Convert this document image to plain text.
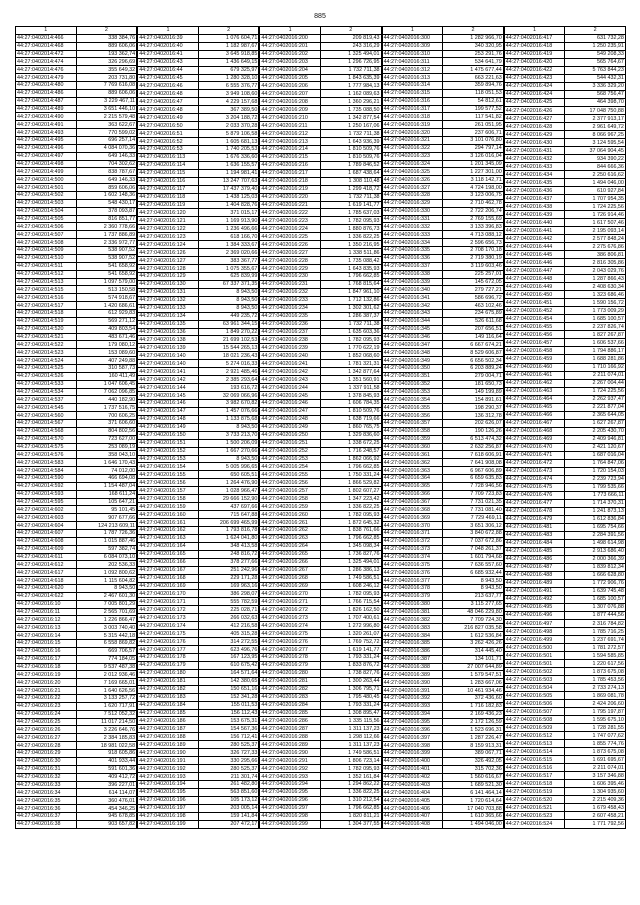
885
1	2
44:27:0402014:466	338 384,76
44:27:0402014:468	889 606,06
44:27:0402014:472	193 362,74
44:27:0402014:474	326 296,69
44:27:0402014:476	355 649,32
44:27:0402014:479	203 731,80
44:27:0402014:480	7 769 616,08
44:27:0402014:486	889 606,06
44:27:0402014:487	3 229 467,11
44:27:0402014:489	3 651 446,10
44:27:0402014:490	2 215 579,48
44:27:0402014:491	363 622,67
44:27:0402014:493	770 599,02
44:27:0402014:495	696 257,14
44:27:0402014:496	4 084 070,36
44:27:0402014:497	649 146,33
44:27:0402014:498	704 302,62
44:27:0402014:499	838 787,67
44:27:0402014:500	649 146,33
44:27:0402014:501	859 606,06
44:27:0402014:502	1 602 148,36
44:27:0402014:503	548 430,17
44:27:0402014:504	378 093,87
44:27:0402014:505	816 851,77
44:27:0402014:506	2 360 778,66
44:27:0402014:507	1 737 886,89
44:27:0402014:508	2 336 972,77
44:27:0402014:509	538 907,52
44:27:0402014:510	538 907,52
44:27:0402014:511	541 658,92
44:27:0402014:512	541 658,92
44:27:0402014:513	1 097 579,00
44:27:0402014:515	513 150,58
44:27:0402014:516	574 918,67
44:27:0402014:517	1 420 686,61
44:27:0402014:518	612 929,83
44:27:0402014:519	569 271,12
44:27:0402014:520	409 803,54
44:27:0402014:521	483 671,46
44:27:0402014:522	179 080,12
44:27:0402014:523	153 089,60
44:27:0402014:524	407 249,88
44:27:0402014:525	310 587,73
44:27:0402014:526	160 411,49
44:27:0402014:533	1 047 606,45
44:27:0402014:534	7 062 096,85
44:27:0402014:537	440 182,90
44:27:0402014:545	1 737 516,75
44:27:0402014:560	700 606,25
44:27:0402014:567	371 606,60
44:27:0402014:568	804 802,56
44:27:0402014:570	723 627,00
44:27:0402014:575	253 089,19
44:27:0402014:576	358 043,10
44:27:0402014:583	1 646 170,43
44:27:0402014:584	74 012,00
44:27:0402014:590	466 694,08
44:27:0402014:592	1 154 487,04
44:27:0402014:593	168 611,24
44:27:0402014:595	105 647,21
44:27:0402014:602	95 101,45
44:27:0402014:603	907 677,66
44:27:0402014:604	124 213 609,11
44:27:0402014:607	1 787 726,36
44:27:0402014:608	1 015 887,46
44:27:0402014:609	597 382,74
44:27:0402014:611	6 084 073,10
44:27:0402014:612	202 536,33
44:27:0402014:617	1 092 800,62
44:27:0402014:618	1 115 604,82
44:27:0402014:620	8 943,50
44:27:0402014:622	2 467 601,30
44:27:0402016:10	7 005 801,29
44:27:0402016:11	2 565 701,69
44:27:0402016:12	1 226 866,47
44:27:0402016:13	3 003 740,40
44:27:0402016:14	5 315 442,18
44:27:0402016:15	6 558 869,82
44:27:0402016:16	669 706,57
44:27:0402016:17	774 184,05
44:27:0402016:18	9 537 487,38
44:27:0402016:19	2 012 936,46
44:27:0402016:20	7 169 665,01
44:27:0402016:21	1 640 626,56
44:27:0402016:22	3 133 257,72
44:27:0402016:23	1 620 717,91
44:27:0402016:24	7 512 052,32
44:27:0402016:25	11 017 214,50
44:27:0402016:26	3 226 646,76
44:27:0402016:27	2 384 185,83
44:27:0402016:28	18 981 022,58
44:27:0402016:29	918 605,86
44:27:0402016:30	401 933,44
44:27:0402016:31	591 601,36
44:27:0402016:32	409 412,72
44:27:0402016:33	396 227,01
44:27:0402016:34	614 114,07
44:27:0402016:35	360 476,01
44:27:0402016:36	454 346,25
44:27:0402016:37	945 678,85
44:27:0402016:38	903 657,82
1	2
44:27:0402016:39	1 076 604,71
44:27:0402016:40	1 182 987,67
44:27:0402016:41	3 645 918,85
44:27:0402016:43	1 436 649,15
44:27:0402016:44	679 325,97
44:27:0402016:45	1 280 328,10
44:27:0402016:46	6 555 376,77
44:27:0402016:48	3 949 108,60
44:27:0402016:47	4 229 157,68
44:27:0402016:48	367 389,50
44:27:0402016:49	3 204 188,72
44:27:0402016:50	2 033 370,28
44:27:0402016:51	5 879 106,58
44:27:0402016:52	1 605 681,13
44:27:0402016:53	1 740 205,53
44:27:0402016:113	1 676 336,60
44:27:0402016:114	1 636 155,57
44:27:0402016:115	1 194 981,41
44:27:0402016:116	13 247 707,63
44:27:0402016:117	17 437 379,40
44:27:0402016:118	1 438 125,03
44:27:0402016:119	1 404 828,76
44:27:0402016:120	371 015,17
44:27:0402016:121	1 169 913,90
44:27:0402016:122	1 236 496,66
44:27:0402016:123	618 166,70
44:27:0402016:124	1 384 333,67
44:27:0402016:126	2 369 020,66
44:27:0402016:127	383 367,77
44:27:0402016:128	1 075 355,67
44:27:0402016:129	625 839,99
44:27:0402016:130	67 337 371,35
44:27:0402016:131	8 943,50
44:27:0402016:132	8 943,50
44:27:0402016:133	8 943,50
44:27:0402016:134	449 235,72
44:27:0402016:135	63 961 344,15
44:27:0402016:136	1 849 270,22
44:27:0402016:138	21 699 102,53
44:27:0402016:139	15 544 265,13
44:27:0402016:140	18 021 236,43
44:27:0402016:140	5 274 016,33
44:27:0402016:141	2 921 485,46
44:27:0402016:142	2 385 293,64
44:27:0402016:144	193 616,72
44:27:0402016:145	32 069 066,96
44:27:0402016:146	3 982 670,82
44:27:0402016:147	1 457 076,66
44:27:0402016:148	1 133 875,68
44:27:0402016:149	8 943,50
44:27:0402016:150	3 733 213,70
44:27:0402016:151	1 500 206,09
44:27:0402016:152	1 667 270,66
44:27:0402016:153	8 943,50
44:27:0402016:154	5 005 996,65
44:27:0402016:155	650 605,51
44:27:0402016:156	1 264 476,90
44:27:0402016:157	1 028 966,47
44:27:0402016:158	29 666 152,90
44:27:0402016:159	437 697,66
44:27:0402016:160	715 647,88
44:27:0402016:161	206 699 465,99
44:27:0402016:162	1 793 816,78
44:27:0402016:163	1 624 041,80
44:27:0402016:164	348 413,58
44:27:0402016:165	248 816,72
44:27:0402016:166	378 277,66
44:27:0402016:167	251 242,96
44:27:0402016:168	229 171,28
44:27:0402016:169	169 963,16
44:27:0402016:170	386 298,07
44:27:0402016:171	555 782,59
44:27:0402016:172	225 028,71
44:27:0402016:173	266 032,63
44:27:0402016:174	412 216,58
44:27:0402016:175	405 315,28
44:27:0402016:176	314 272,55
44:27:0402016:177	623 496,76
44:27:0402016:178	167 123,95
44:27:0402016:179	610 675,42
44:27:0402016:180	164 571,64
44:27:0402016:181	142 380,65
44:27:0402016:182	150 651,16
44:27:0402016:183	152 341,28
44:27:0402016:184	155 011,53
44:27:0402016:185	156 112,43
44:27:0402016:186	153 675,31
44:27:0402016:187	154 567,36
44:27:0402016:188	156 712,41
44:27:0402016:189	280 525,37
44:27:0402016:190	326 727,33
44:27:0402016:191	330 295,66
44:27:0402016:192	280 525,37
44:27:0402016:193	211 301,74
44:27:0402016:194	261 482,80
44:27:0402016:195	563 851,60
44:27:0402016:196	105 173,12
44:27:0402016:197	203 005,14
44:27:0402016:198	159 141,84
44:27:0402016:199	207 472,17
1	2
44:27:0402016:200	209 819,43
44:27:0402016:201	243 316,29
44:27:0402016:202	1 325 494,01
44:27:0402016:203	1 296 726,95
44:27:0402016:204	1 732 711,38
44:27:0402016:205	1 843 635,39
44:27:0402016:206	1 777 984,13
44:27:0402016:207	1 162 089,63
44:27:0402016:208	1 360 296,21
44:27:0402016:209	1 735 088,50
44:27:0402016:210	1 342 877,54
44:27:0402016:211	1 250 167,06
44:27:0402016:212	1 732 711,38
44:27:0402016:213	1 643 936,39
44:27:0402016:214	1 810 509,76
44:27:0402016:215	1 810 509,76
44:27:0402016:216	1 789 846,52
44:27:0402016:217	1 687 438,64
44:27:0402016:218	1 308 110,48
44:27:0402016:219	1 299 418,72
44:27:0402016:220	1 732 711,38
44:27:0402016:221	1 619 141,77
44:27:0402016:222	1 785 637,03
44:27:0402016:223	1 782 095,93
44:27:0402016:224	1 880 876,73
44:27:0402016:225	1 336 822,25
44:27:0402016:226	1 350 216,95
44:27:0402016:227	1 338 511,86
44:27:0402016:228	1 735 088,42
44:27:0402016:229	1 643 835,93
44:27:0402016:230	1 796 662,85
44:27:0402016:231	1 768 815,64
44:27:0402016:232	1 847 961,10
44:27:0402016:233	1 712 132,86
44:27:0402016:234	1 302 301,62
44:27:0402016:235	1 286 387,37
44:27:0402016:236	1 732 711,38
44:27:0402016:237	1 635 603,36
44:27:0402016:238	1 782 095,93
44:27:0402016:239	1 770 622,19
44:27:0402016:240	1 852 068,60
44:27:0402016:241	1 781 321,31
44:27:0402016:242	1 342 877,64
44:27:0402016:243	1 351 560,91
44:27:0402016:244	1 337 911,58
44:27:0402016:245	1 378 845,93
44:27:0402016:246	1 606 784,35
44:27:0402016:247	1 810 509,76
44:27:0402016:248	1 638 719,66
44:27:0402016:249	1 860 765,75
44:27:0402016:250	1 329 836,60
44:27:0402016:251	1 338 672,25
44:27:0402016:252	1 716 248,57
44:27:0402016:253	1 862 066,92
44:27:0402016:254	1 796 662,85
44:27:0402016:255	1 750 331,24
44:27:0402016:256	1 866 529,82
44:27:0402016:257	1 802 607,27
44:27:0402016:258	1 347 223,42
44:27:0402016:259	1 336 822,25
44:27:0402016:260	1 782 095,93
44:27:0402016:261	1 872 645,32
44:27:0402016:262	1 838 761,66
44:27:0402016:263	1 796 662,85
44:27:0402016:264	1 345 098,34
44:27:0402016:265	1 736 827,76
44:27:0402016:266	1 325 494,01
44:27:0402016:267	1 286 386,13
44:27:0402016:268	1 749 586,51
44:27:0402016:269	1 608 246,12
44:27:0402016:270	1 782 095,93
44:27:0402016:271	1 766 715,54
44:27:0402016:272	1 826 162,50
44:27:0402016:273	1 707 400,61
44:27:0402016:274	1 272 996,80
44:27:0402016:275	1 320 261,07
44:27:0402016:276	1 769 752,72
44:27:0402016:277	1 619 141,77
44:27:0402016:278	1 793 331,24
44:27:0402016:279	1 833 876,72
44:27:0402016:280	1 738 827,76
44:27:0402016:281	1 300 263,44
44:27:0402016:282	1 306 795,71
44:27:0402016:283	1 795 480,45
44:27:0402016:284	1 793 331,24
44:27:0402016:285	1 308 895,47
44:27:0402016:286	1 335 115,56
44:27:0402016:287	1 311 137,23
44:27:0402016:288	1 298 112,66
44:27:0402016:289	1 311 137,23
44:27:0402016:290	1 749 586,51
44:27:0402016:291	1 806 723,14
44:27:0402016:292	1 782 095,93
44:27:0402016:293	1 352 161,84
44:27:0402016:294	1 294 862,22
44:27:0402016:295	1 336 822,25
44:27:0402016:296	1 310 212,54
44:27:0402016:297	1 796 662,85
44:27:0402016:298	1 820 811,21
44:27:0402016:299	1 304 377,55
1	2
44:27:0402016:300	1 282 966,70
44:27:0402016:309	340 320,95
44:27:0402016:310	253 291,76
44:27:0402016:311	534 641,79
44:27:0402016:312	1 475 677,44
44:27:0402016:313	663 221,63
44:27:0402016:314	359 894,76
44:27:0402016:315	118 051,53
44:27:0402016:316	54 812,61
44:27:0402016:317	199 577,52
44:27:0402016:318	117 541,82
44:27:0402016:319	261 051,95
44:27:0402016:320	237 606,71
44:27:0402016:321	3 101 076,80
44:27:0402016:322	294 797,14
44:27:0402016:323	3 126 016,04
44:27:0402016:324	1 201 345,09
44:27:0402016:325	1 227 301,00
44:27:0402016:326	3 118 142,71
44:27:0402016:327	4 724 198,00
44:27:0402016:328	3 123 006,75
44:27:0402016:329	2 710 462,78
44:27:0402016:330	2 722 206,74
44:27:0402016:331	2 769 155,69
44:27:0402016:332	3 133 396,83
44:27:0402016:333	4 713 088,12
44:27:0402016:334	2 596 656,73
44:27:0402016:335	2 708 170,18
44:27:0402016:336	2 719 380,19
44:27:0402016:337	3 119 603,46
44:27:0402016:338	225 257,01
44:27:0402016:339	145 672,05
44:27:0402016:340	279 727,21
44:27:0402016:341	586 696,72
44:27:0402016:342	463 102,46
44:27:0402016:343	234 675,89
44:27:0402016:344	526 611,68
44:27:0402016:345	207 656,51
44:27:0402016:346	149 116,64
44:27:0402016:347	6 667 674,21
44:27:0402016:348	8 529 606,87
44:27:0402016:349	6 656 502,34
44:27:0402016:350	6 203 889,24
44:27:0402016:351	279 004,71
44:27:0402016:352	181 650,73
44:27:0402016:353	149 199,89
44:27:0402016:354	154 891,61
44:27:0402016:355	198 290,37
44:27:0402016:356	136 312,78
44:27:0402016:357	202 626,07
44:27:0402016:358	190 126,26
44:27:0402016:359	6 513 474,32
44:27:0402016:360	2 632 256,87
44:27:0402016:361	7 618 606,91
44:27:0402016:362	7 641 908,08
44:27:0402016:363	6 967 606,89
44:27:0402016:364	6 659 635,83
44:27:0402016:365	7 728 946,56
44:27:0402016:366	7 709 723,83
44:27:0402016:367	7 731 021,35
44:27:0402016:368	7 731 081,40
44:27:0402016:369	7 729 469,11
44:27:0402016:370	3 651 306,12
44:27:0402016:371	3 840 672,88
44:27:0402016:372	7 037 672,86
44:27:0402016:373	7 048 261,37
44:27:0402016:374	1 601 794,68
44:27:0402016:375	7 636 557,60
44:27:0402016:376	6 685 932,44
44:27:0402016:377	8 943,50
44:27:0402016:378	8 943,50
44:27:0402016:379	213 637,77
44:27:0402016:380	3 115 277,65
44:27:0402016:381	48 046 229,80
44:27:0402016:382	7 709 724,30
44:27:0402016:383	216 827 035,58
44:27:0402016:384	1 612 536,84
44:27:0402016:385	3 262 426,26
44:27:0402016:386	314 445,40
44:27:0402016:387	134 101,71
44:27:0402016:388	27 007 644,89
44:27:0402016:389	1 579 547,51
44:27:0402016:390	1 283 667,06
44:27:0402016:391	10 461 934,46
44:27:0402016:392	372 436,60
44:27:0402016:393	1 716 182,83
44:27:0402016:394	2 169 436,23
44:27:0402016:395	2 172 126,59
44:27:0402016:396	1 523 696,31
44:27:0402016:397	1 287 226,47
44:27:0402016:398	8 159 913,31
44:27:0402016:399	389 067,71
44:27:0402016:400	326 492,05
44:27:0402016:401	315 702,36
44:27:0402016:402	1 560 616,67
44:27:0402016:403	1 689 521,30
44:27:0402016:404	6 141 464,14
44:27:0402016:405	1 720 614,64
44:27:0402016:406	17 040 703,88
44:27:0402016:407	1 610 365,66
44:27:0402016:408	1 494 046,00
1	2
44:27:0402016:417	631 732,28
44:27:0402016:418	1 250 235,91
44:27:0402016:419	549 208,33
44:27:0402016:420	565 764,67
44:27:0402016:422	5 763 844,23
44:27:0402016:423	544 432,31
44:27:0402016:424	3 336 329,20
44:27:0402016:424	568 756,47
44:27:0402016:425	464 398,70
44:27:0402016:426	17 048 750,88
44:27:0402016:427	2 377 913,17
44:27:0402016:428	2 961 649,72
44:27:0402016:429	8 066 967,25
44:27:0402016:430	3 124 595,54
44:27:0402016:431	37 064 904,45
44:27:0402016:432	934 390,22
44:27:0402016:433	844 666,36
44:27:0402016:434	2 250 616,62
44:27:0402016:435	1 494 046,00
44:27:0402016:436	610 927,84
44:27:0402016:437	1 707 954,35
44:27:0402016:438	1 724 225,56
44:27:0402016:439	1 726 914,46
44:27:0402016:440	1 617 507,46
44:27:0402016:441	2 195 093,14
44:27:0402016:442	2 577 848,24
44:27:0402016:444	2 275 676,86
44:27:0402016:445	386 806,81
44:27:0402016:446	2 816 305,86
44:27:0402016:447	2 043 029,76
44:27:0402016:448	1 287 866,43
44:27:0402016:449	2 408 630,34
44:27:0402016:450	1 323 686,46
44:27:0402016:451	1 590 156,72
44:27:0402016:452	1 773 009,29
44:27:0402016:454	1 685 100,57
44:27:0402016:455	2 237 826,74
44:27:0402016:456	1 827 267,87
44:27:0402016:457	1 606 537,66
44:27:0402016:458	1 794 886,17
44:27:0402016:459	1 688 281,86
44:27:0402016:460	1 710 166,92
44:27:0402016:461	2 211 074,01
44:27:0402016:462	2 267 004,44
44:27:0402016:463	1 724 225,56
44:27:0402016:464	2 262 937,47
44:27:0402016:465	2 221 877,04
44:27:0402016:466	2 365 644,05
44:27:0402016:467	1 627 267,87
44:27:0402016:468	2 205 430,70
44:27:0402016:469	2 409 946,81
44:27:0402016:470	2 421 120,67
44:27:0402016:471	1 687 016,04
44:27:0402016:472	1 764 847,06
44:27:0402016:473	1 720 154,03
44:27:0402016:474	2 239 723,94
44:27:0402016:475	1 799 535,66
44:27:0402016:476	1 773 666,11
44:27:0402016:477	1 714 370,31
44:27:0402016:478	1 241 873,13
44:27:0402016:479	1 612 836,84
44:27:0402016:481	1 695 754,66
44:27:0402016:483	2 284 391,56
44:27:0402016:484	1 498 614,98
44:27:0402016:485	2 913 686,40
44:27:0402016:486	2 000 366,39
44:27:0402016:487	1 839 812,34
44:27:0402016:488	1 666 628,80
44:27:0402016:489	1 772 906,76
44:27:0402016:491	1 639 745,48
44:27:0402016:492	1 685 100,57
44:27:0402016:495	1 307 076,88
44:27:0402016:496	1 877 444,56
44:27:0402016:497	2 316 784,82
44:27:0402016:498	1 785 716,25
44:27:0402016:499	1 237 691,74
44:27:0402016:500	1 781 272,57
44:27:0402016:501	1 594 585,85
44:27:0402016:501	1 220 617,56
44:27:0402016:502	1 873 675,08
44:27:0402016:503	1 785 453,56
44:27:0402016:504	2 733 274,13
44:27:0402016:505	1 869 081,78
44:27:0402016:506	2 424 206,60
44:27:0402016:507	1 795 197,87
44:27:0402016:508	1 595 675,10
44:27:0402016:509	1 728 281,55
44:27:0402016:512	1 747 077,62
44:27:0402016:513	1 855 774,76
44:27:0402016:514	1 873 675,08
44:27:0402016:515	1 691 695,67
44:27:0402016:516	2 211 074,01
44:27:0402016:517	3 157 346,88
44:27:0402016:518	1 606 395,46
44:27:0402016:519	1 304 935,60
44:27:0402016:520	2 215 409,36
44:27:0402016:521	1 679 458,43
44:27:0402016:523	2 607 458,21
44:27:0402016:524	1 771 792,56
